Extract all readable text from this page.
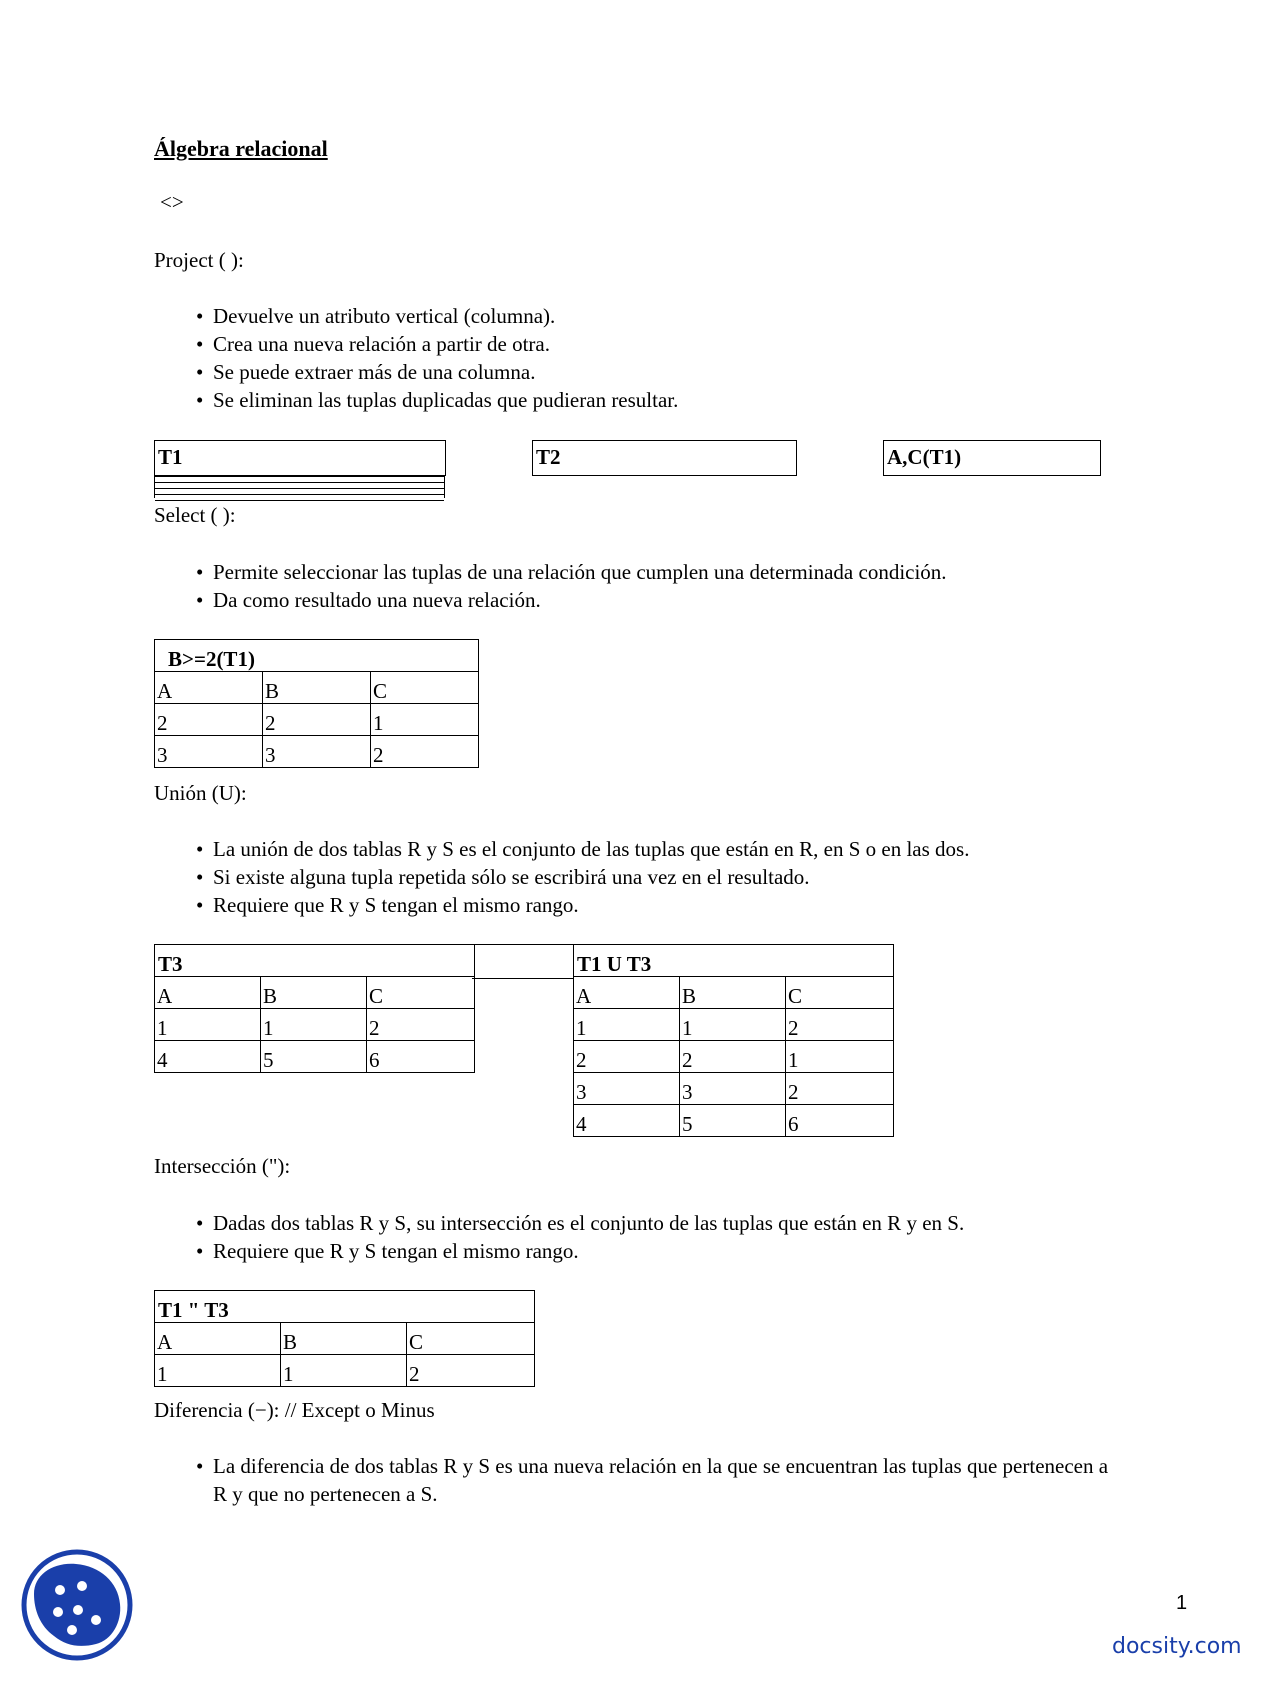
Álgebra relacional
<>
Project ( ):
• Devuelve un atributo vertical (columna).
• Crea una nueva relación a partir de otra.
• Se puede extraer más de una columna.
• Se eliminan las tuplas duplicadas que pudieran resultar.
T1	T2	A,C(T1)
Select ( ):
• Permite seleccionar las tuplas de una relación que cumplen una determinada condición.
• Da como resultado una nueva relación.
B>=2(T1)		
A	B	C
2	2	1
3	3	2
Unión (U):
• La unión de dos tablas R y S es el conjunto de las tuplas que están en R, en S o en las dos.
• Si existe alguna tupla repetida sólo se escribirá una vez en el resultado.
• Requiere que R y S tengan el mismo rango.
T3		
A	B	C
1	1	2
4	5	6
T1 U T3		
A	B	C
1	1	2
2	2	1
3	3	2
4	5	6
Intersección ("):
• Dadas dos tablas R y S, su intersección es el conjunto de las tuplas que están en R y en S.
• Requiere que R y S tengan el mismo rango.
T1 " T3		
A	B	C
1	1	2
Diferencia (−): // Except o Minus
• La diferencia de dos tablas R y S es una nueva relación en la que se encuentran las tuplas que pertenecen a R y que no pertenecen a S.
1
docsity.com
